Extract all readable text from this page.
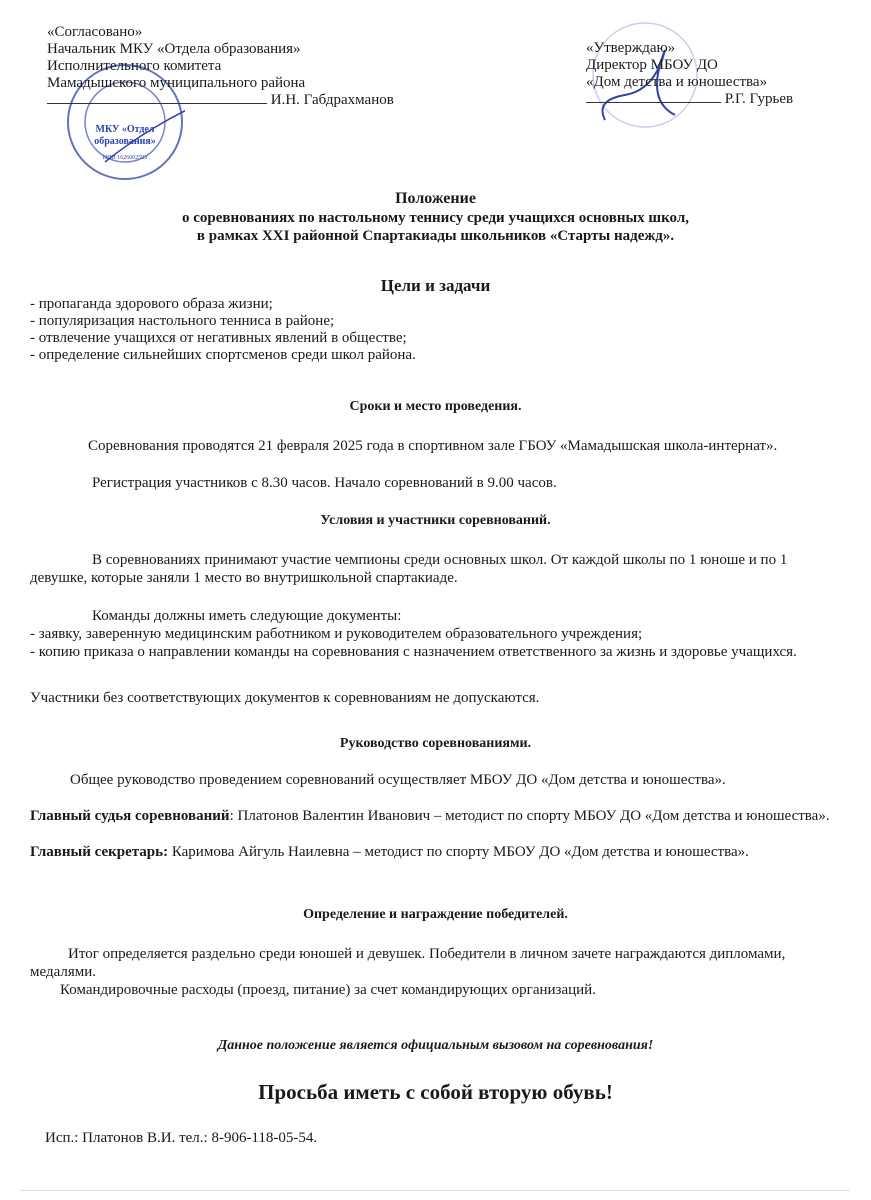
МКУ «Отдел
образования»
ИНН 1626002593
«Согласовано»
Начальник МКУ «Отдела образования»
Исполнительного комитета
Мамадышского муниципального района
И.Н. Габдрахманов
«Утверждаю»
Директор МБОУ ДО
«Дом детства и юношества»
Р.Г. Гурьев
Положение
о соревнованиях по настольному теннису среди учащихся основных школ,
в рамках XXI районной Спартакиады школьников «Старты надежд».
Цели и задачи
- пропаганда здорового образа жизни;
- популяризация настольного тенниса в районе;
- отвлечение учащихся от негативных явлений в обществе;
- определение сильнейших спортсменов среди школ района.
Сроки и место проведения.

Соревнования проводятся 21 февраля 2025 года в спортивном зале ГБОУ «Мамадышская школа-интернат».

Регистрация участников с 8.30 часов. Начало соревнований в 9.00 часов.

Условия и участники соревнований.

В соревнованиях принимают участие чемпионы среди основных школ. От каждой школы по 1 юноше и по 1 девушке, которые заняли 1 место во внутришкольной спартакиаде.

Команды должны иметь следующие документы:

- заявку, заверенную медицинским работником и руководителем образовательного учреждения;

- копию приказа о направлении команды на соревнования с назначением ответственного за жизнь и здоровье учащихся.

Участники без соответствующих документов к соревнованиям не допускаются.

Руководство соревнованиями.

Общее руководство проведением соревнований осуществляет МБОУ ДО «Дом детства и юношества».

Главный судья соревнований: Платонов Валентин Иванович – методист по спорту МБОУ ДО «Дом детства и юношества».

Главный секретарь: Каримова Айгуль Наилевна – методист по спорту МБОУ ДО «Дом детства и юношества».

Определение и награждение победителей.

Итог определяется раздельно среди юношей и девушек. Победители в личном зачете награждаются дипломами, медалями.

Командировочные расходы (проезд, питание) за счет командирующих организаций.

Данное положение является официальным вызовом на соревнования!
Просьба иметь с собой вторую обувь!
Исп.: Платонов В.И. тел.: 8-906-118-05-54.
